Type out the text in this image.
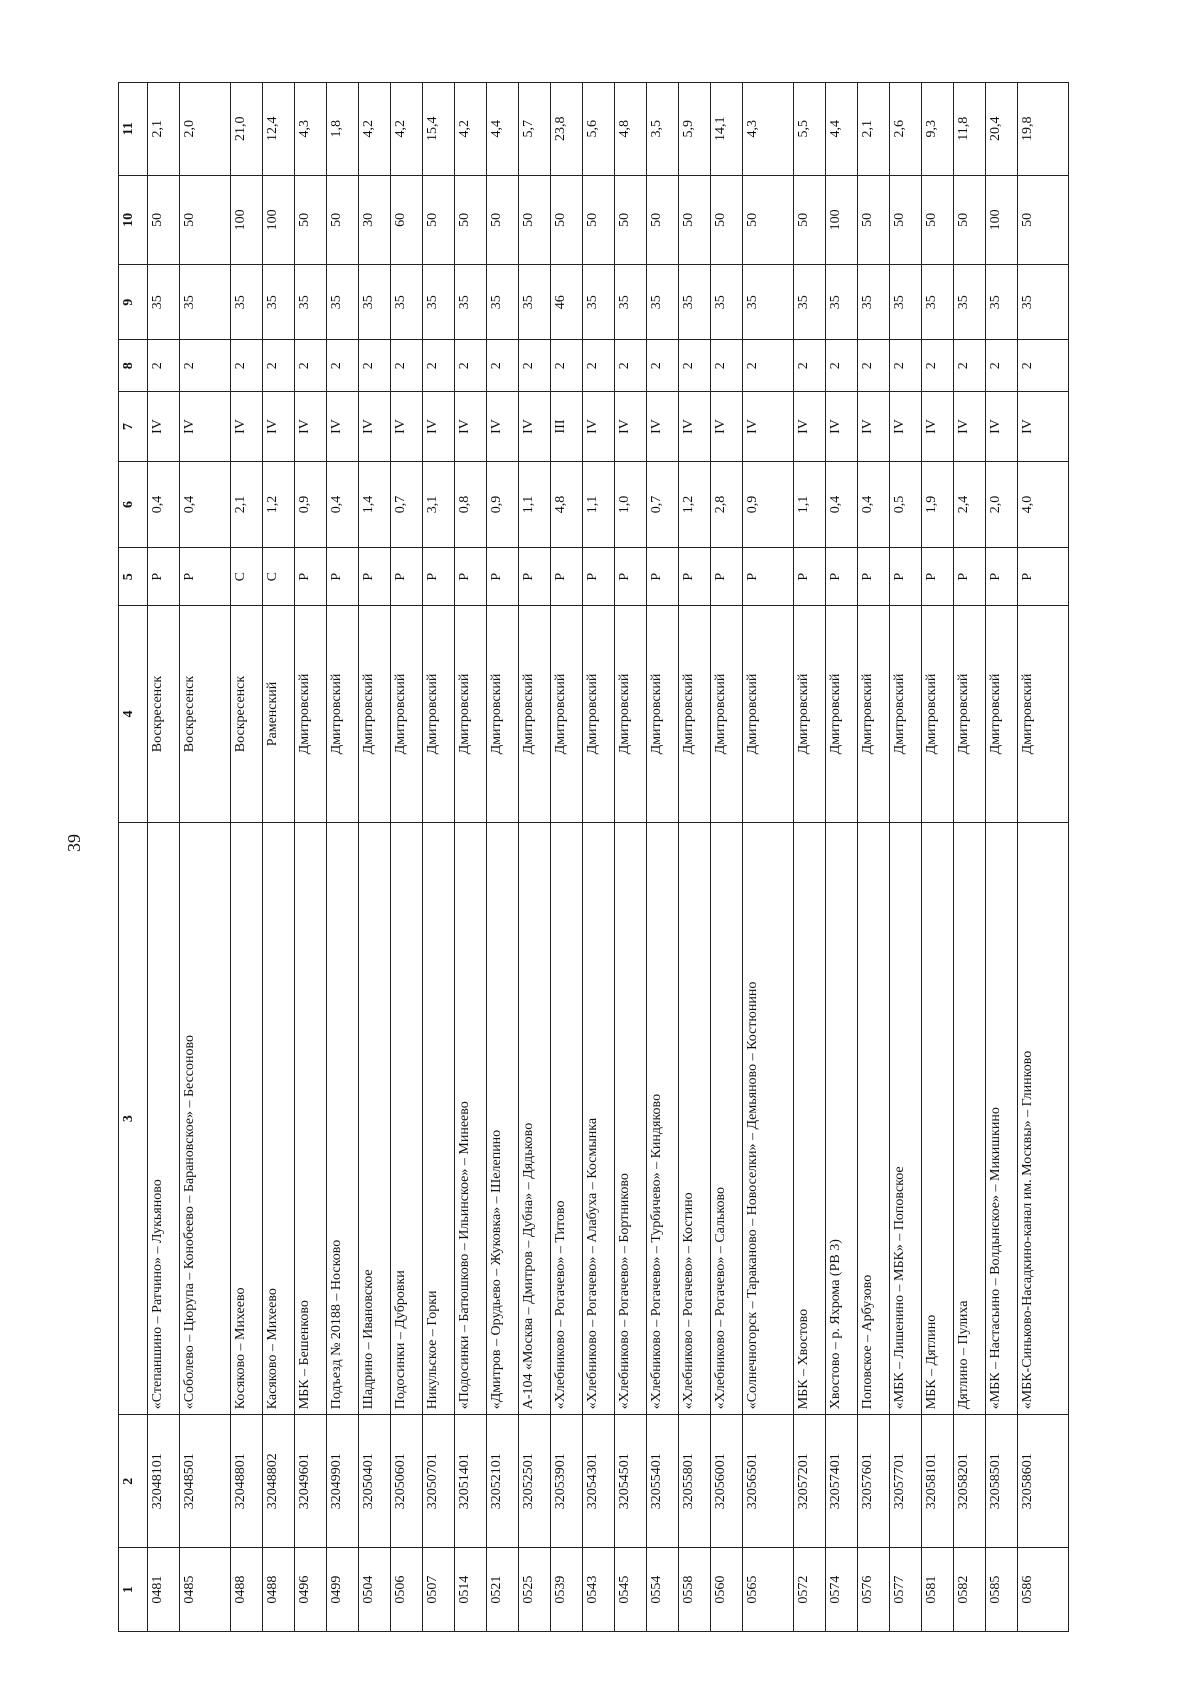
39
1	2	3	4	5	6	7	8	9	10	11
0481	32048101	«Степаншино – Ратчино» – Лукьяново	Воскресенск	Р	0,4	IV	2	35	50	2,1
0485	32048501	«Соболево – Цюрупа – Конобеево – Барановское» – Бессоново	Воскресенск	Р	0,4	IV	2	35	50	2,0
0488	32048801	Косяково – Михеево	Воскресенск	С	2,1	IV	2	35	100	21,0
0488	32048802	Касяково – Михеево	Раменский	С	1,2	IV	2	35	100	12,4
0496	32049601	МБК – Бешенково	Дмитровский	Р	0,9	IV	2	35	50	4,3
0499	32049901	Подъезд № 20188 – Носково	Дмитровский	Р	0,4	IV	2	35	50	1,8
0504	32050401	Шадрино – Ивановское	Дмитровский	Р	1,4	IV	2	35	30	4,2
0506	32050601	Подосинки – Дубровки	Дмитровский	Р	0,7	IV	2	35	60	4,2
0507	32050701	Никульское – Горки	Дмитровский	Р	3,1	IV	2	35	50	15,4
0514	32051401	«Подосинки – Батюшково – Ильинское» – Минеево	Дмитровский	Р	0,8	IV	2	35	50	4,2
0521	32052101	«Дмитров – Орудьево – Жуковка» – Шелепино	Дмитровский	Р	0,9	IV	2	35	50	4,4
0525	32052501	А-104 «Москва – Дмитров – Дубна» – Дядьково	Дмитровский	Р	1,1	IV	2	35	50	5,7
0539	32053901	«Хлебниково – Рогачево» – Титово	Дмитровский	Р	4,8	III	2	46	50	23,8
0543	32054301	«Хлебниково – Рогачево» – Алабуха – Космынка	Дмитровский	Р	1,1	IV	2	35	50	5,6
0545	32054501	«Хлебниково – Рогачево» – Бортниково	Дмитровский	Р	1,0	IV	2	35	50	4,8
0554	32055401	«Хлебниково – Рогачево» – Турбичево» – Киндяково	Дмитровский	Р	0,7	IV	2	35	50	3,5
0558	32055801	«Хлебниково – Рогачево» – Костино	Дмитровский	Р	1,2	IV	2	35	50	5,9
0560	32056001	«Хлебниково – Рогачево» – Сальково	Дмитровский	Р	2,8	IV	2	35	50	14,1
0565	32056501	«Солнечногорск – Тараканово – Новоселки» – Демьяново – Костюнино	Дмитровский	Р	0,9	IV	2	35	50	4,3
0572	32057201	МБК – Хвостово	Дмитровский	Р	1,1	IV	2	35	50	5,5
0574	32057401	Хвостово – р. Яхрома (РВ 3)	Дмитровский	Р	0,4	IV	2	35	100	4,4
0576	32057601	Поповское – Арбузово	Дмитровский	Р	0,4	IV	2	35	50	2,1
0577	32057701	«МБК – Лишенино – МБК» – Поповское	Дмитровский	Р	0,5	IV	2	35	50	2,6
0581	32058101	МБК – Дятлино	Дмитровский	Р	1,9	IV	2	35	50	9,3
0582	32058201	Дятлино – Пулиха	Дмитровский	Р	2,4	IV	2	35	50	11,8
0585	32058501	«МБК – Настасьино – Волдынское» – Микишкино	Дмитровский	Р	2,0	IV	2	35	100	20,4
0586	32058601	«МБК-Синьково-Насадкино-канал им. Москвы» – Глинково	Дмитровский	Р	4,0	IV	2	35	50	19,8
